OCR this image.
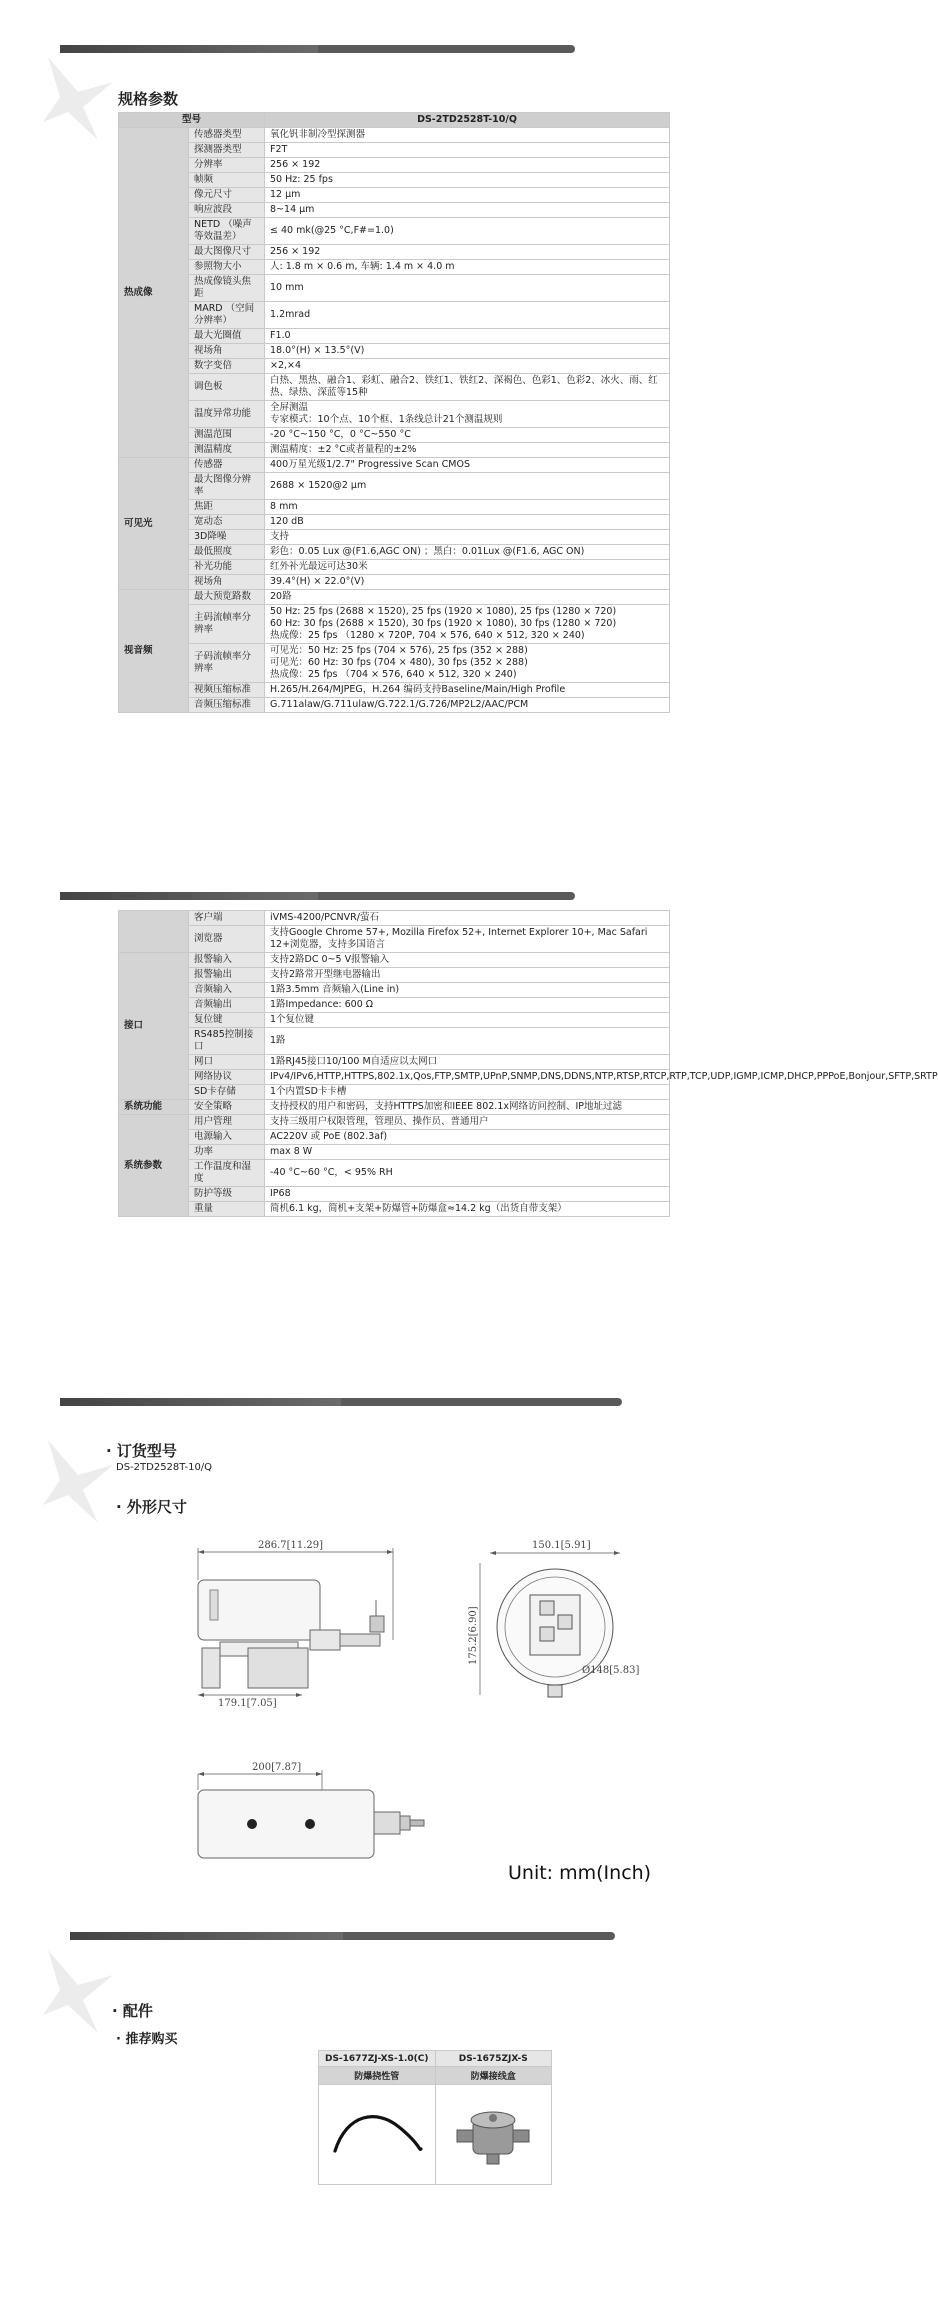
规格参数
型号		DS-2TD2528T-10/Q
热成像	传感器类型	氧化钒非制冷型探测器
	探测器类型	F2T
	分辨率	256 × 192
	帧频	50 Hz: 25 fps
	像元尺寸	12 μm
	响应波段	8~14 μm
	NETD （噪声等效温差）	≤ 40 mk(@25 °C,F#=1.0)
	最大图像尺寸	256 × 192
	参照物大小	人: 1.8 m × 0.6 m, 车辆: 1.4 m × 4.0 m
	热成像镜头焦距	10 mm
	MARD （空间分辨率）	1.2mrad
	最大光圈值	F1.0
	视场角	18.0°(H) × 13.5°(V)
	数字变倍	×2,×4
	调色板	白热、黑热、融合1、彩虹、融合2、铁红1、铁红2、深褐色、色彩1、色彩2、冰火、雨、红热、绿热、深蓝等15种
	温度异常功能	全屏测温
专家模式：10个点、10个框、1条线总计21个测温规则
	测温范围	-20 °C~150 °C，0 °C~550 °C
	测温精度	测温精度：±2 °C或者量程的±2%
可见光	传感器	400万星光级1/2.7" Progressive Scan CMOS
	最大图像分辨率	2688 × 1520@2 μm
	焦距	8 mm
	宽动态	120 dB
	3D降噪	支持
	最低照度	彩色：0.05 Lux @(F1.6,AGC ON) ；黑白：0.01Lux @(F1.6, AGC ON)
	补光功能	红外补光最远可达30米
	视场角	39.4°(H) × 22.0°(V)
视音频	最大预览路数	20路
	主码流帧率分辨率	50 Hz: 25 fps (2688 × 1520), 25 fps (1920 × 1080), 25 fps (1280 × 720)
60 Hz: 30 fps (2688 × 1520), 30 fps (1920 × 1080), 30 fps (1280 × 720)
热成像：25 fps （1280 × 720P, 704 × 576, 640 × 512, 320 × 240)
	子码流帧率分辨率	可见光：50 Hz: 25 fps (704 × 576), 25 fps (352 × 288)
可见光：60 Hz: 30 fps (704 × 480), 30 fps (352 × 288)
热成像：25 fps （704 × 576, 640 × 512, 320 × 240)
	视频压缩标准	H.265/H.264/MJPEG，H.264 编码支持Baseline/Main/High Profile
	音频压缩标准	G.711alaw/G.711ulaw/G.722.1/G.726/MP2L2/AAC/PCM
	客户端	iVMS-4200/PCNVR/萤石
	浏览器	支持Google Chrome 57+, Mozilla Firefox 52+, Internet Explorer 10+, Mac Safari 12+浏览器，支持多国语言
接口	报警输入	支持2路DC 0~5 V报警输入
	报警输出	支持2路常开型继电器输出
	音频输入	1路3.5mm 音频输入(Line in)
	音频输出	1路Impedance: 600 Ω
	复位键	1个复位键
	RS485控制接口	1路
	网口	1路RJ45接口10/100 M自适应以太网口
	网络协议	IPv4/IPv6,HTTP,HTTPS,802.1x,Qos,FTP,SMTP,UPnP,SNMP,DNS,DDNS,NTP,RTSP,RTCP,RTP,TCP,UDP,IGMP,ICMP,DHCP,PPPoE,Bonjour,SFTP,SRTP
	SD卡存储	1个内置SD卡卡槽
系统功能	安全策略	支持授权的用户和密码，支持HTTPS加密和IEEE 802.1x网络访问控制、IP地址过滤
系统参数	用户管理	支持三级用户权限管理，管理员、操作员、普通用户
	电源输入	AC220V 或 PoE (802.3af)
	功率	max 8 W
	工作温度和湿度	-40 °C~60 °C，< 95% RH
	防护等级	IP68
	重量	简机6.1 kg，简机+支架+防爆管+防爆盒≈14.2 kg（出货自带支架）
· 订货型号
DS-2TD2528T-10/Q
· 外形尺寸
286.7[11.29]
179.1[7.05]
150.1[5.91]
175.2[6.90]
Ø148[5.83]
200[7.87]
Unit: mm(Inch)
· 配件
· 推荐购买
DS-1677ZJ-XS-1.0(C)	DS-1675ZJX-S
防爆挠性管	防爆接线盒
